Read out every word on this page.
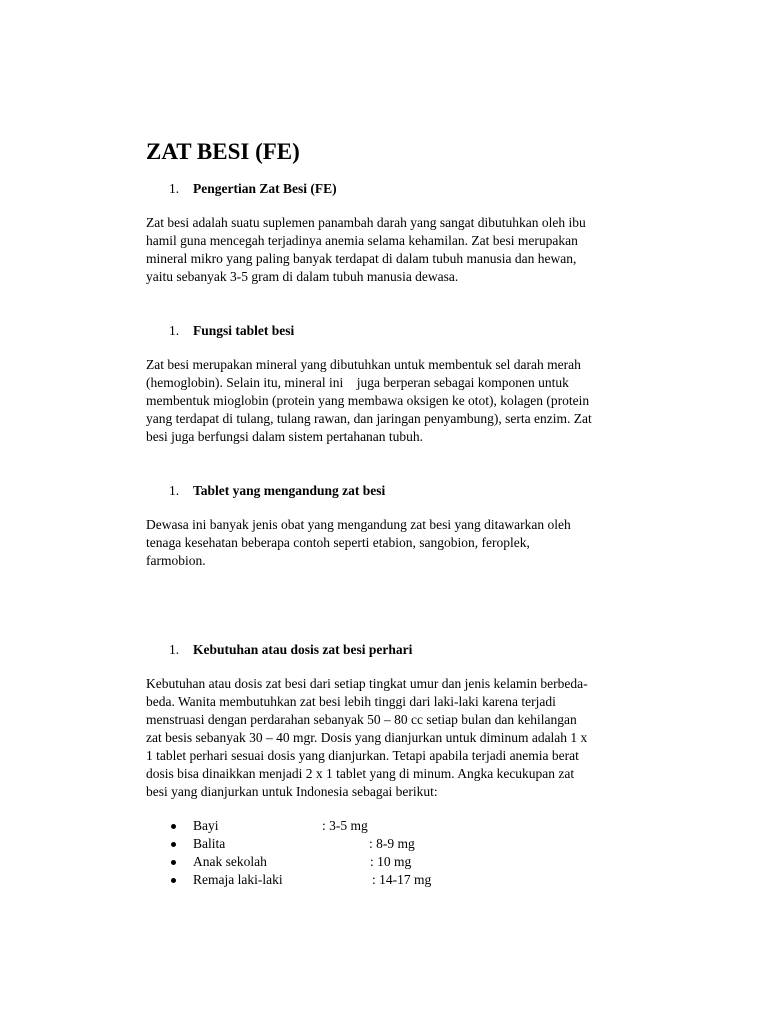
ZAT BESI (FE)
1. Pengertian Zat Besi (FE)
Zat besi adalah suatu suplemen panambah darah yang sangat dibutuhkan oleh ibu
hamil guna mencegah terjadinya anemia selama kehamilan. Zat besi merupakan
mineral mikro yang paling banyak terdapat di dalam tubuh manusia dan hewan,
yaitu sebanyak 3-5 gram di dalam tubuh manusia dewasa.
1. Fungsi tablet besi
Zat besi merupakan mineral yang dibutuhkan untuk membentuk sel darah merah
(hemoglobin). Selain itu, mineral ini    juga berperan sebagai komponen untuk
membentuk mioglobin (protein yang membawa oksigen ke otot), kolagen (protein
yang terdapat di tulang, tulang rawan, dan jaringan penyambung), serta enzim. Zat
besi juga berfungsi dalam sistem pertahanan tubuh.
1. Tablet yang mengandung zat besi
Dewasa ini banyak jenis obat yang mengandung zat besi yang ditawarkan oleh
tenaga kesehatan beberapa contoh seperti etabion, sangobion, feroplek,
farmobion.
1. Kebutuhan atau dosis zat besi perhari
Kebutuhan atau dosis zat besi dari setiap tingkat umur dan jenis kelamin berbeda-
beda. Wanita membutuhkan zat besi lebih tinggi dari laki-laki karena terjadi
menstruasi dengan perdarahan sebanyak 50 – 80 cc setiap bulan dan kehilangan
zat besis sebanyak 30 – 40 mgr. Dosis yang dianjurkan untuk diminum adalah 1 x
1 tablet perhari sesuai dosis yang dianjurkan. Tetapi apabila terjadi anemia berat
dosis bisa dinaikkan menjadi 2 x 1 tablet yang di minum. Angka kecukupan zat
besi yang dianjurkan untuk Indonesia sebagai berikut:
Bayi	: 3-5 mg
Balita	: 8-9 mg
Anak sekolah	: 10 mg
Remaja laki-laki	: 14-17 mg
